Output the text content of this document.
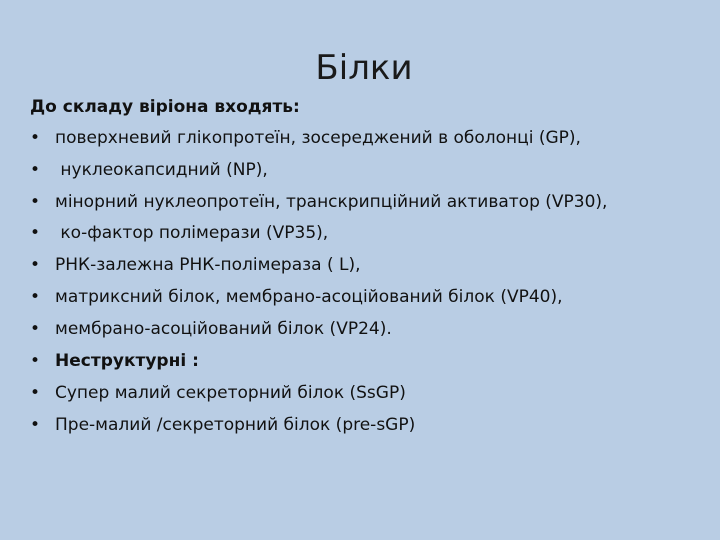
Білки
До складу віріона входять:
• поверхневий глікопротеїн, зосереджений в оболонці (GP),
• нуклеокапсидний (NP),
• мінорний нуклеопротеїн, транскрипційний активатор (VP30),
• ко-фактор полімерази (VP35),
• РНК-залежна РНК-полімераза ( L),
• матриксний білок, мембрано-асоційований білок (VP40),
• мембрано-асоційований білок (VP24).
• Неструктурні :
• Супер малий секреторний білок (SsGP)
• Пре-малий /секреторний білок (pre-sGP)
